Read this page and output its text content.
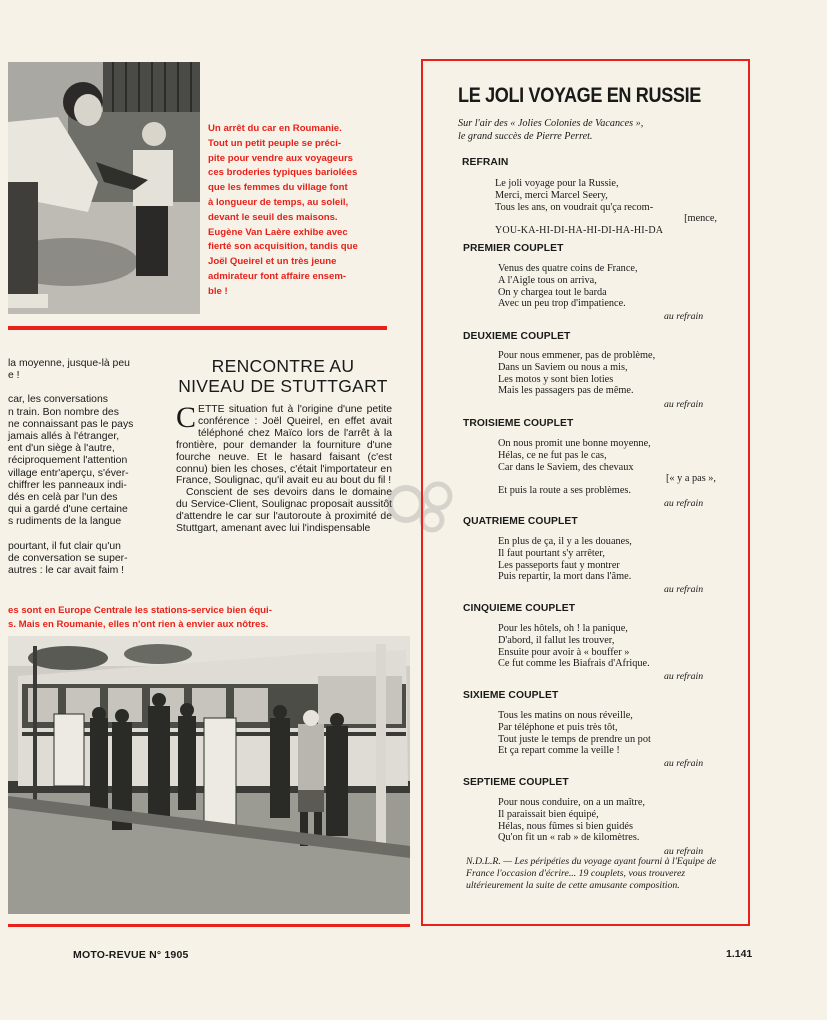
Un arrêt du car en Roumanie.

Tout un petit peuple se préci-

pite pour vendre aux voyageurs

ces broderies typiques bariolées

que les femmes du village font

à longueur de temps, au soleil,

devant le seuil des maisons.

Eugène Van Laère exhibe avec

fierté son acquisition, tandis que

Joël Queirel et un très jeune

admirateur font affaire ensem-

ble !

la moyenne, jusque-là peu

e !

car, les conversations

n train. Bon nombre des

ne connaissant pas le pays

jamais allés à l'étranger,

ent d'un siège à l'autre,

réciproquement l'attention

village entr'aperçu, s'éver-

chiffrer les panneaux indi-

dés en celà par l'un des

qui a gardé d'une certaine

s rudiments de la langue

pourtant, il fut clair qu'un

de conversation se super-

autres : le car avait faim !

RENCONTRE AU
NIVEAU DE STUTTGART

CETTE situation fut à l'origine d'une petite conférence : Joël Queirel, en effet avait téléphoné chez Maïco lors de l'arrêt à la frontière, pour demander la fourniture d'une fourche neuve. Et le hasard faisant (c'est connu) bien les choses, c'était l'importateur en France, Soulignac, qu'il avait eu au bout du fil !

Conscient de ses devoirs dans le domaine du Service-Client, Soulignac proposait aussitôt d'attendre le car sur l'autoroute à proximité de Stuttgart, amenant avec lui l'indispensable

es sont en Europe Centrale les stations-service bien équi-

s. Mais en Roumanie, elles n'ont rien à envier aux nôtres.

MOTO-REVUE N° 1905	1.141
LE JOLI VOYAGE EN RUSSIE

Sur l'air des « Jolies Colonies de Vacances »,

le grand succès de Pierre Perret.

REFRAIN

Le joli voyage pour la Russie,

Merci, merci Marcel Seery,

Tous les ans, on voudrait qu'ça recom-

[mence,

YOU-KA-HI-DI-HA-HI-DI-HA-HI-DA

PREMIER COUPLET

Venus des quatre coins de France,

A l'Aigle tous on arriva,

On y chargea tout le barda

Avec un peu trop d'impatience.

au refrain
DEUXIEME COUPLET

Pour nous emmener, pas de problème,

Dans un Saviem ou nous a mis,

Les motos y sont bien loties

Mais les passagers pas de même.

au refrain
TROISIEME COUPLET

On nous promit une bonne moyenne,

Hélas, ce ne fut pas le cas,

Car dans le Saviem, des chevaux

[« y a pas »,

Et puis la route a ses problèmes.

au refrain
QUATRIEME COUPLET

En plus de ça, il y a les douanes,

Il faut pourtant s'y arrêter,

Les passeports faut y montrer

Puis repartir, la mort dans l'âme.

au refrain
CINQUIEME COUPLET

Pour les hôtels, oh ! la panique,

D'abord, il fallut les trouver,

Ensuite pour avoir à « bouffer »

Ce fut comme les Biafrais d'Afrique.

au refrain
SIXIEME COUPLET

Tous les matins on nous réveille,

Par téléphone et puis très tôt,

Tout juste le temps de prendre un pot

Et ça repart comme la veille !

au refrain
SEPTIEME COUPLET

Pour nous conduire, on a un maître,

Il paraissait bien équipé,

Hélas, nous fûmes si bien guidés

Qu'on fit un « rab » de kilomètres.

au refrain
N.D.L.R. — Les péripéties du voyage ayant fourni à l'Equipe de France l'occasion d'écrire... 19 couplets, vous trouverez ultérieurement la suite de cette amusante composition.
